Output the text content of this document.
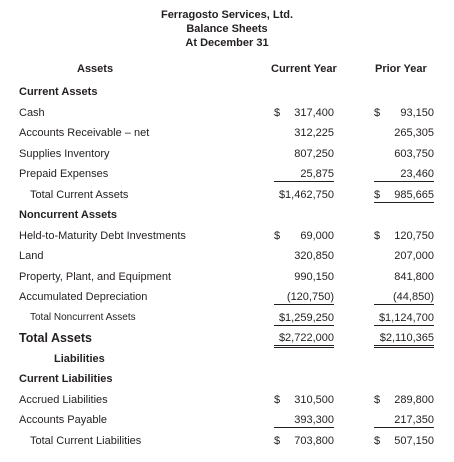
Ferragosto Services, Ltd.
Balance Sheets
At December 31
Assets	Current Year	Prior Year
Current Assets
Cash	$ 317,400	$ 93,150
Accounts Receivable – net	312,225	265,305
Supplies Inventory	807,250	603,750
Prepaid Expenses	25,875	23,460
Total Current Assets	$1,462,750	$ 985,665
Noncurrent Assets
Held-to-Maturity Debt Investments	$ 69,000	$ 120,750
Land	320,850	207,000
Property, Plant, and Equipment	990,150	841,800
Accumulated Depreciation	(120,750)	(44,850)
Total Noncurrent Assets	$1,259,250	$1,124,700
Total Assets	$2,722,000	$2,110,365
Liabilities
Current Liabilities
Accrued Liabilities	$ 310,500	$ 289,800
Accounts Payable	393,300	217,350
Total Current Liabilities	$ 703,800	$ 507,150
